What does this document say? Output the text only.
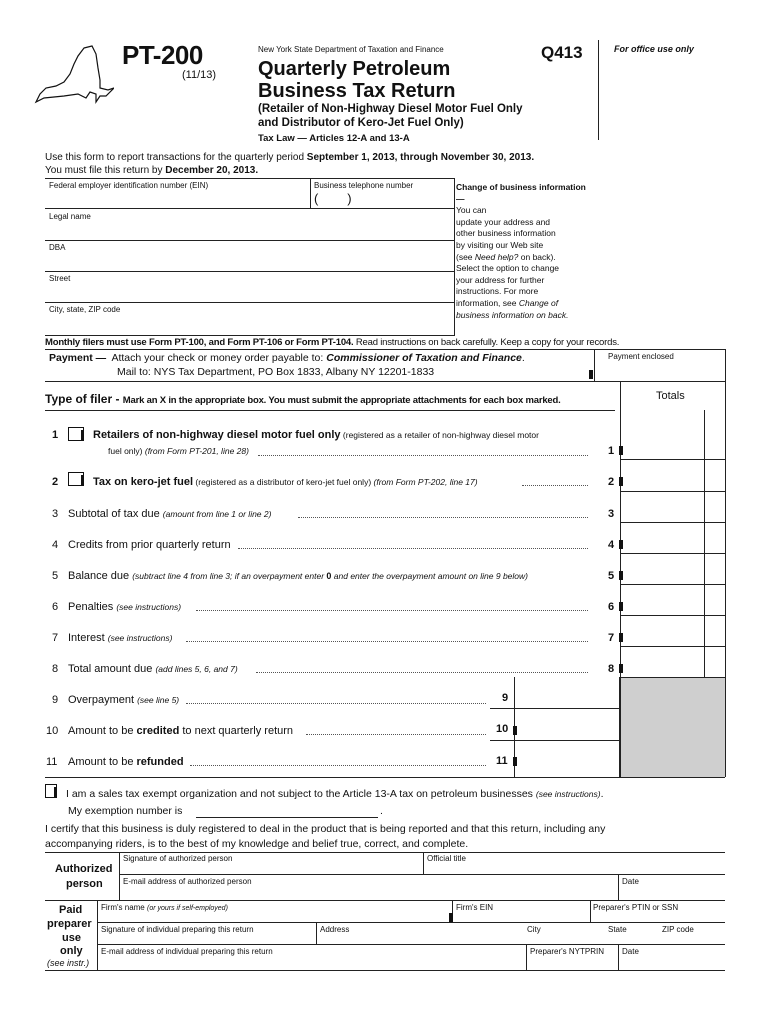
PT-200
(11/13)
New York State Department of Taxation and Finance
Quarterly Petroleum
Business Tax Return
(Retailer of Non-Highway Diesel Motor Fuel Only
and Distributor of Kero-Jet Fuel Only)
Tax Law — Articles 12-A and 13-A
Q413	For office use only
Use this form to report transactions for the quarterly period September 1, 2013, through November 30, 2013.
You must file this return by December 20, 2013.
Federal employer identification number (EIN)	Business telephone number
(        )
Legal name
DBA
Street
City, state, ZIP code
Change of business information —
You can
update your address and
other business information
by visiting our Web site
(see Need help? on back).
Select the option to change
your address for further
instructions. For more
information, see Change of
business information on back.
Monthly filers must use Form PT-100, and Form PT-106 or Form PT-104. Read instructions on back carefully. Keep a copy for your records.
Payment —  Attach your check or money order payable to: Commissioner of Taxation and Finance.
Mail to: NYS Tax Department, PO Box 1833, Albany NY 12201-1833
Payment enclosed
Type of filer - Mark an X in the appropriate box. You must submit the appropriate attachments for each box marked.	Totals
1	Retailers of non-highway diesel motor fuel only (registered as a retailer of non-highway diesel motor
fuel only) (from Form PT-201, line 28)	1
2	Tax on kero-jet fuel (registered as a distributor of kero-jet fuel only) (from Form PT-202, line 17)	2
3 Subtotal of tax due (amount from line 1 or line 2)	3
4 Credits from prior quarterly return	4
5 Balance due (subtract line 4 from line 3; if an overpayment enter 0 and enter the overpayment amount on line 9 below)	5
6 Penalties (see instructions)	6
7 Interest (see instructions)	7
8 Total amount due (add lines 5, 6, and 7)	8
9 Overpayment (see line 5)	9
10 Amount to be credited to next quarterly return	10
11 Amount to be refunded	11
I am a sales tax exempt organization and not subject to the Article 13-A tax on petroleum businesses (see instructions).
My exemption number is	.
I certify that this business is duly registered to deal in the product that is being reported and that this return, including any
accompanying riders, is to the best of my knowledge and belief true, correct, and complete.
Authorized
person
Signature of authorized person	Official title
E-mail address of authorized person	Date
Paid
preparer
use
only
(see instr.)
Firm's name (or yours if self-employed)	Firm's EIN	Preparer's PTIN or SSN
Signature of individual preparing this return	Address	City	State	ZIP code
E-mail address of individual preparing this return	Preparer's NYTPRIN Date
